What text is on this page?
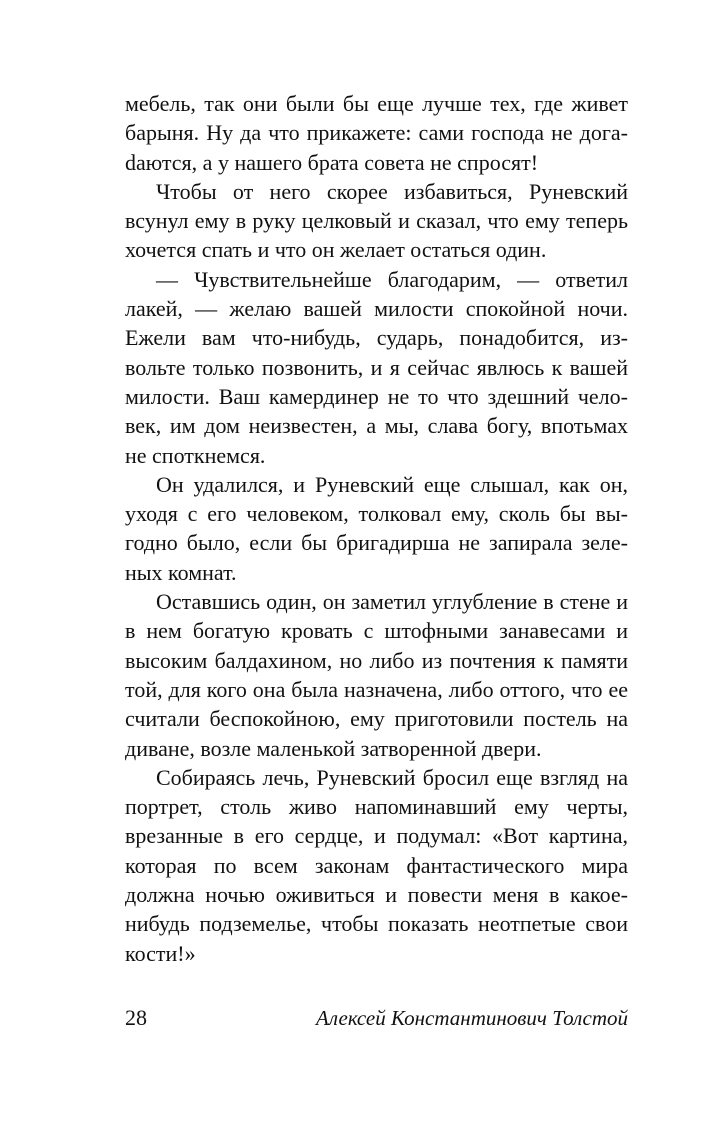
мебель, так они были бы еще лучше тех, где живет барыня. Ну да что прикажете: сами господа не догаdаются, а у нашего брата совета не спросят!

Чтобы от него скорее избавиться, Руневский всунул ему в руку целковый и сказал, что ему теперь хочется спать и что он желает остаться один.

— Чувствительнейше благодарим, — ответил лакей, — желаю вашей милости спокойной ночи. Ежели вам что-нибудь, сударь, понадобится, извольте только позвонить, и я сейчас явлюсь к вашей милости. Ваш камердинер не то что здешний человек, им дом неизвестен, а мы, слава богу, впотьмах не споткнемся.

Он удалился, и Руневский еще слышал, как он, уходя с его человеком, толковал ему, сколь бы выгодно было, если бы бригадирша не запирала зеленых комнат.

Оставшись один, он заметил углубление в стене и в нем богатую кровать с штофными занавесами и высоким балдахином, но либо из почтения к памяти той, для кого она была назначена, либо оттого, что ее считали беспокойною, ему приготовили постель на диване, возле маленькой затворенной двери.

Собираясь лечь, Руневский бросил еще взгляд на портрет, столь живо напоминавший ему черты, врезанные в его сердце, и подумал: «Вот картина, которая по всем законам фантастического мира должна ночью оживиться и повести меня в какое-нибудь подземелье, чтобы показать неотпетые свои кости!»

28	Алексей Константинович Толстой
